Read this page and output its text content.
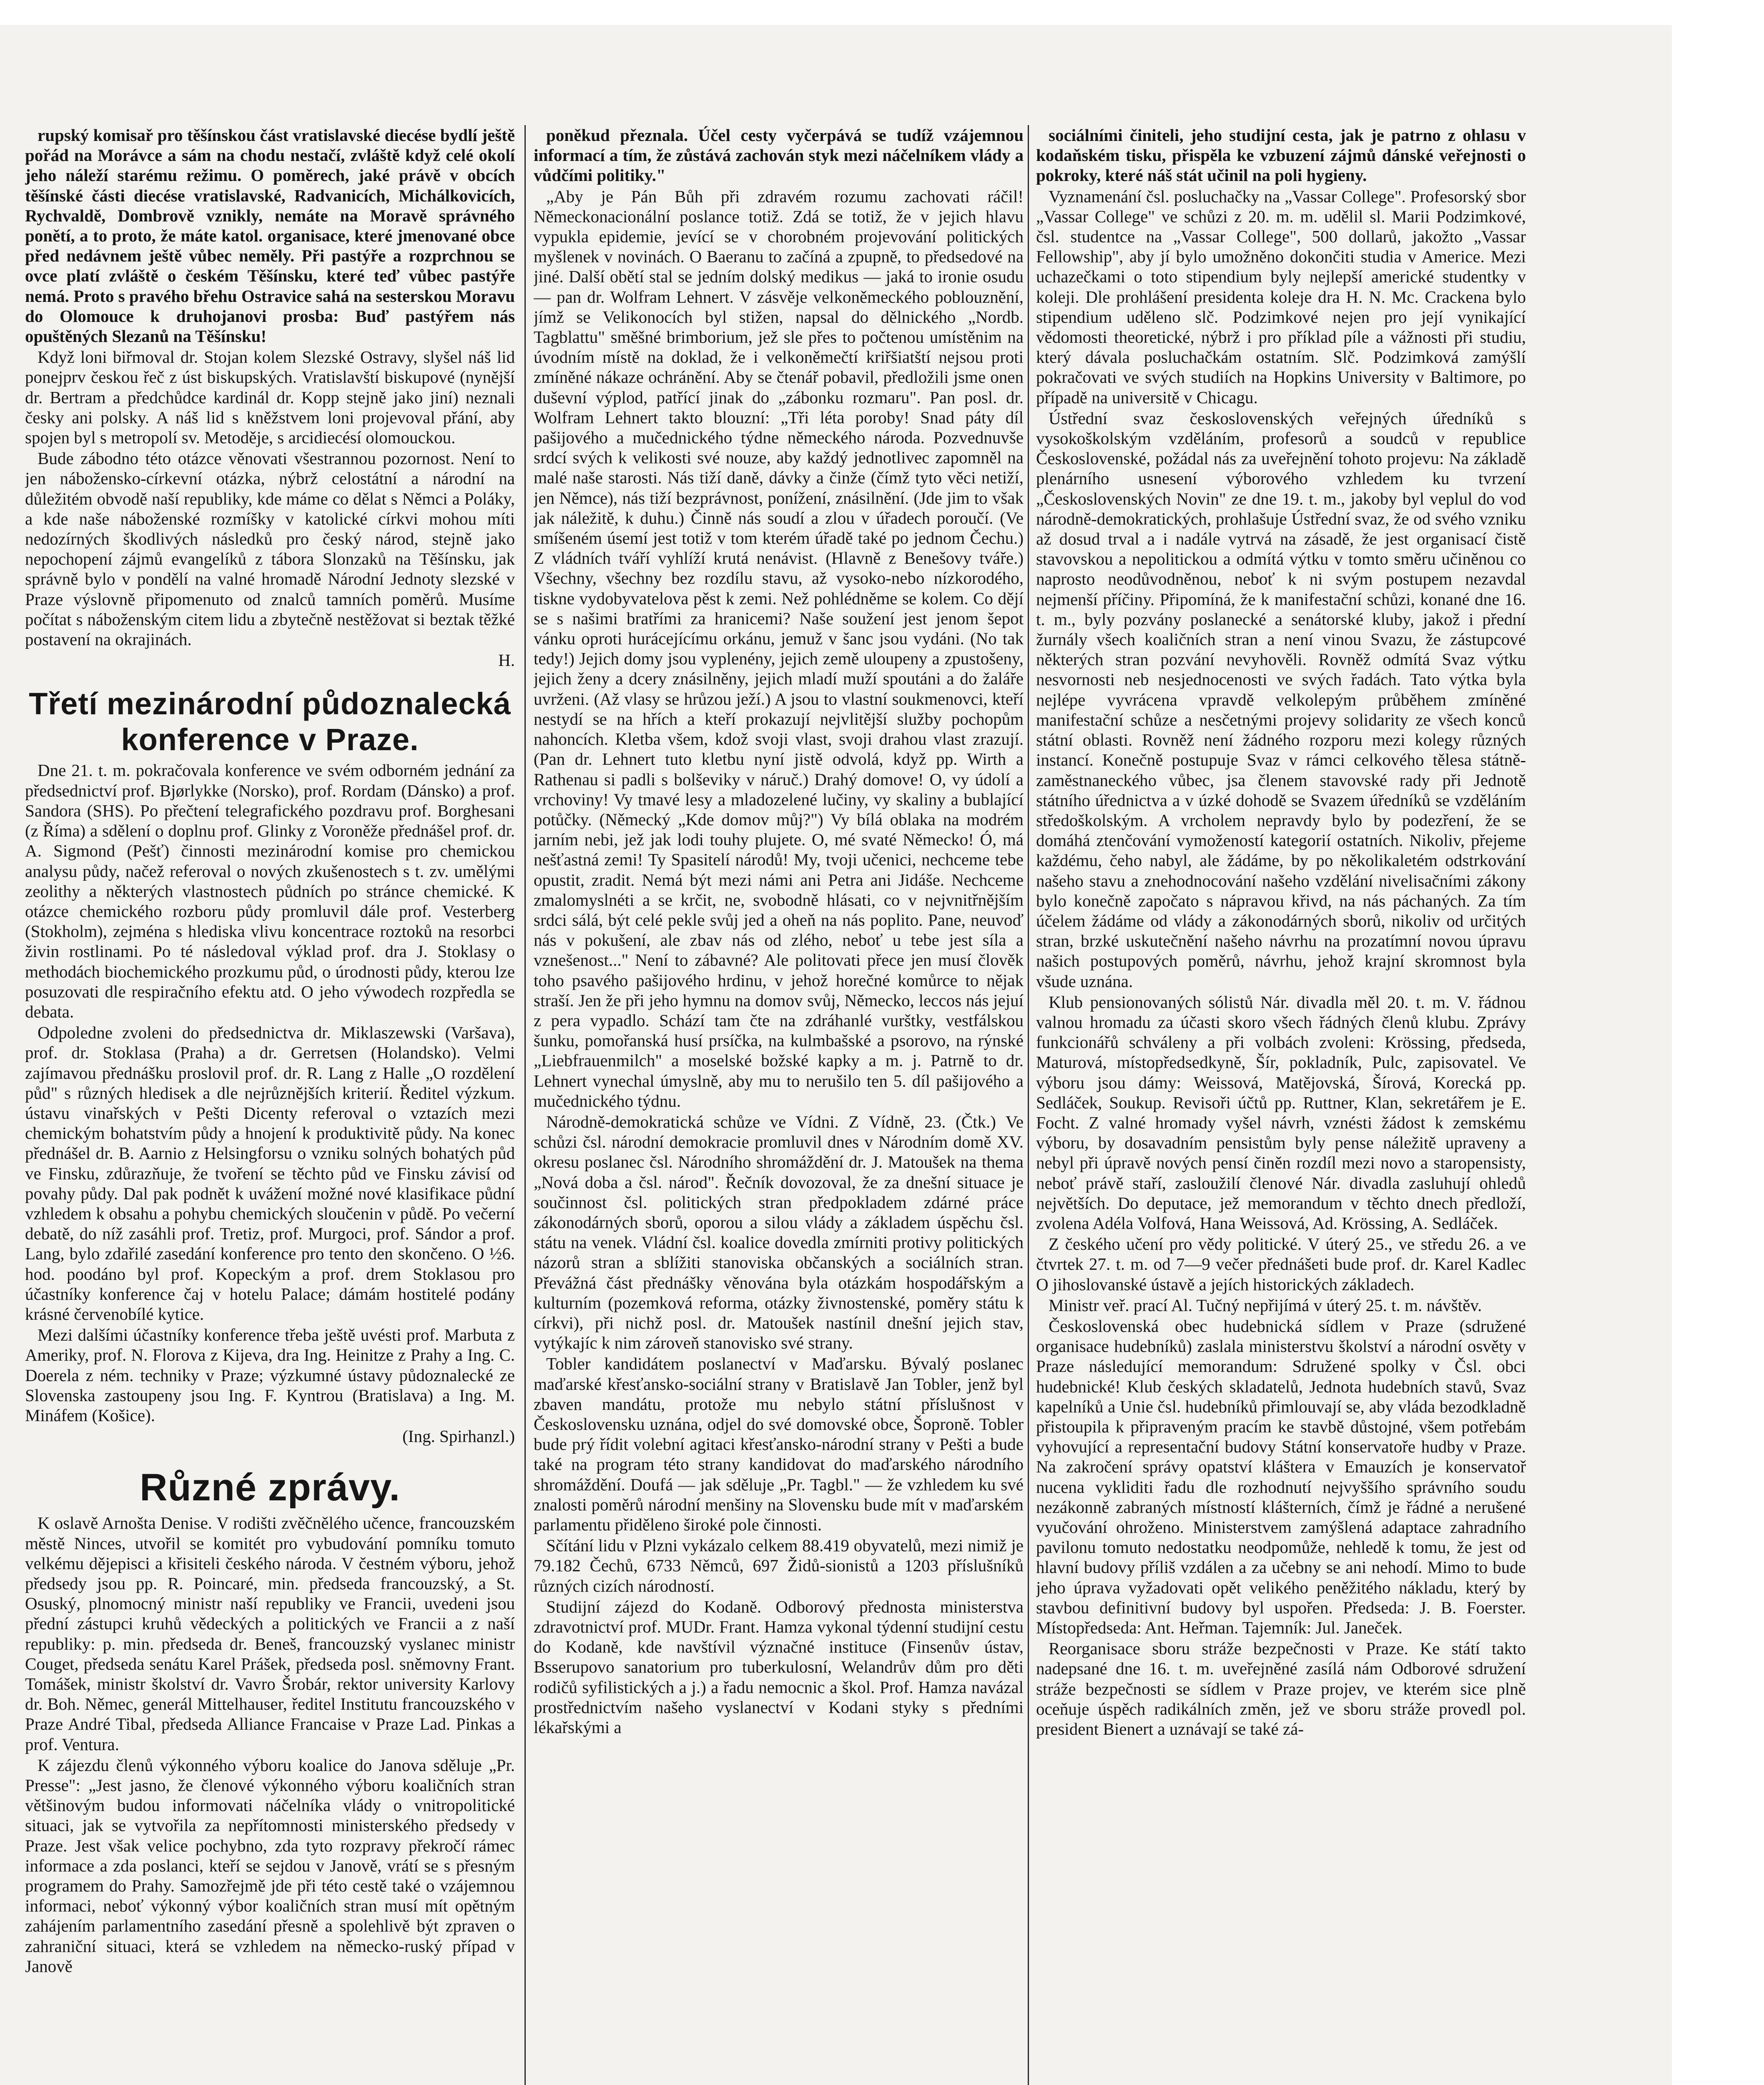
rupský komisař pro těšínskou část vratislavské diecése bydlí ještě pořád na Morávce a sám na chodu nestačí, zvláště když celé okolí jeho náleží starému režimu. O poměrech, jaké právě v obcích těšínské části diecése vratislavské, Radvanicích, Michálkovicích, Rychvaldě, Dombrově vznikly, nemáte na Moravě správného ponětí, a to proto, že máte katol. organisace, které jmenované obce před nedávnem ještě vůbec neměly. Při pastýře a rozprchnou se ovce platí zvláště o českém Těšínsku, které teď vůbec pastýře nemá. Proto s pravého břehu Ostravice sahá na sesterskou Moravu do Olomouce k druhojanovi prosba: Buď pastýřem nás opuštěných Slezanů na Těšínsku!

Když loni biřmoval dr. Stojan kolem Slezské Ostravy, slyšel náš lid ponejprv českou řeč z úst biskupských. Vratislavští biskupové (nynější dr. Bertram a předchůdce kardinál dr. Kopp stejně jako jiní) neznali česky ani polsky. A náš lid s kněžstvem loni projevoval přání, aby spojen byl s metropolí sv. Metoděje, s arcidiecésí olomouckou.

Bude zábodno této otázce věnovati všestrannou pozornost. Není to jen nábožensko-církevní otázka, nýbrž celostátní a národní na důležitém obvodě naší republiky, kde máme co dělat s Němci a Poláky, a kde naše náboženské rozmíšky v katolické církvi mohou míti nedozírných škodlivých následků pro český národ, stejně jako nepochopení zájmů evangelíků z tábora Slonzaků na Těšínsku, jak správně bylo v pondělí na valné hromadě Národní Jednoty slezské v Praze výslovně připomenuto od znalců tamních poměrů. Musíme počítat s náboženským citem lidu a zbytečně nestěžovat si beztak těžké postavení na okrajinách.

H.

Třetí mezinárodní půdoznalecká konference v Praze.

Dne 21. t. m. pokračovala konference ve svém odborném jednání za předsednictví prof. Bjørlykke (Norsko), prof. Rordam (Dánsko) a prof. Sandora (SHS). Po přečtení telegrafického pozdravu prof. Borghesani (z Říma) a sdělení o doplnu prof. Glinky z Voroněže přednášel prof. dr. A. Sigmond (Pešť) činnosti mezinárodní komise pro chemickou analysu půdy, načež referoval o nových zkušenostech s t. zv. umělými zeolithy a některých vlastnostech půdních po stránce chemické. K otázce chemického rozboru půdy promluvil dále prof. Vesterberg (Stokholm), zejména s hlediska vlivu koncentrace roztoků na resorbci živin rostlinami. Po té následoval výklad prof. dra J. Stoklasy o methodách biochemického prozkumu půd, o úrodnosti půdy, kterou lze posuzovati dle respiračního efektu atd. O jeho výwodech rozpředla se debata.

Odpoledne zvoleni do předsednictva dr. Miklaszewski (Varšava), prof. dr. Stoklasa (Praha) a dr. Gerretsen (Holandsko). Velmi zajímavou přednášku proslovil prof. dr. R. Lang z Halle „O rozdělení půd" s různých hledisek a dle nejrůznějších kriterií. Ředitel výzkum. ústavu vinařských v Pešti Dicenty referoval o vztazích mezi chemickým bohatstvím půdy a hnojení k produktivitě půdy. Na konec přednášel dr. B. Aarnio z Helsingforsu o vzniku solných bohatých půd ve Finsku, zdůrazňuje, že tvoření se těchto půd ve Finsku závisí od povahy půdy. Dal pak podnět k uvážení možné nové klasifikace půdní vzhledem k obsahu a pohybu chemických sloučenin v půdě. Po večerní debatě, do níž zasáhli prof. Tretiz, prof. Murgoci, prof. Sándor a prof. Lang, bylo zdařilé zasedání konference pro tento den skončeno. O ½6. hod. poodáno byl prof. Kopeckým a prof. drem Stoklasou pro účastníky konference čaj v hotelu Palace; dámám hostitelé podány krásné červenobílé kytice.

Mezi dalšími účastníky konference třeba ještě uvésti prof. Marbuta z Ameriky, prof. N. Florova z Kijeva, dra Ing. Heinitze z Prahy a Ing. C. Doerela z ném. techniky v Praze; výzkumné ústavy půdoznalecké ze Slovenska zastoupeny jsou Ing. F. Kyntrou (Bratislava) a Ing. M. Mináfem (Košice).

(Ing. Spirhanzl.)

Různé zprávy.

K oslavě Arnošta Denise. V rodišti zvěčnělého učence, francouzském městě Ninces, utvořil se komitét pro vybudování pomníku tomuto velkému dějepisci a křisiteli českého národa. V čestném výboru, jehož předsedy jsou pp. R. Poincaré, min. předseda francouzský, a St. Osuský, plnomocný ministr naší republiky ve Francii, uvedeni jsou přední zástupci kruhů vědeckých a politických ve Francii a z naší republiky: p. min. předseda dr. Beneš, francouzský vyslanec ministr Couget, předseda senátu Karel Prášek, předseda posl. sněmovny Frant. Tomášek, ministr školství dr. Vavro Šrobár, rektor university Karlovy dr. Boh. Němec, generál Mittelhauser, ředitel Institutu francouzského v Praze André Tibal, předseda Alliance Francaise v Praze Lad. Pinkas a prof. Ventura.

K zájezdu členů výkonného výboru koalice do Janova sděluje „Pr. Presse": „Jest jasno, že členové výkonného výboru koaličních stran většinovým budou informovati náčelníka vlády o vnitropolitické situaci, jak se vytvořila za nepřítomnosti ministerského předsedy v Praze. Jest však velice pochybno, zda tyto rozpravy překročí rámec informace a zda poslanci, kteří se sejdou v Janově, vrátí se s přesným programem do Prahy. Samozřejmě jde při této cestě také o vzájemnou informaci, neboť výkonný výbor koaličních stran musí mít opětným zahájením parlamentního zasedání přesně a spolehlivě být zpraven o zahraniční situaci, která se vzhledem na německo-ruský případ v Janově

poněkud přeznala. Účel cesty vyčerpává se tudíž vzájemnou informací a tím, že zůstává zachován styk mezi náčelníkem vlády a vůdčími politiky."

„Aby je Pán Bůh při zdravém rozumu zachovati ráčil! Německonacionální poslance totiž. Zdá se totiž, že v jejich hlavu vypukla epidemie, jevící se v chorobném projevování politických myšlenek v novinách. O Baeranu to začíná a zpupně, to předsedové na jiné. Další obětí stal se jedním dolský medikus — jaká to ironie osudu — pan dr. Wolfram Lehnert. V zásvěje velkoněmeckého poblouznění, jímž se Velikonocích byl stižen, napsal do dělnického „Nordb. Tagblattu" směšné brimborium, jež sle přes to počtenou umístěnim na úvodním místě na doklad, že i velkoněmečtí kriřšiatští nejsou proti zmíněné nákaze ochránění. Aby se čtenář pobavil, předložili jsme onen duševní výplod, patřící jinak do „zábonku rozmaru". Pan posl. dr. Wolfram Lehnert takto blouzní: „Tři léta poroby! Snad páty díl pašijového a mučednického týdne německého národa. Pozvednuvše srdcí svých k velikosti své nouze, aby každý jednotlivec zapomněl na malé naše starosti. Nás tiží daně, dávky a činže (čímž tyto věci netiží, jen Němce), nás tiží bezprávnost, ponížení, znásilnění. (Jde jim to však jak náležitě, k duhu.) Činně nás soudí a zlou v úřadech poroučí. (Ve smíšeném úsemí jest totiž v tom kterém úřadě také po jednom Čechu.) Z vládních tváří vyhlíží krutá nenávist. (Hlavně z Benešovy tváře.) Všechny, všechny bez rozdílu stavu, až vysoko-nebo nízkorodého, tiskne vydobyvatelova pěst k zemi. Než pohlédněme se kolem. Co dějí se s našimi bratřími za hranicemi? Naše soužení jest jenom šepot vánku oproti hurácejícímu orkánu, jemuž v šanc jsou vydáni. (No tak tedy!) Jejich domy jsou vyplenény, jejich země uloupeny a zpustošeny, jejich ženy a dcery znásilněny, jejich mladí muží spoutáni a do žaláře uvrženi. (Až vlasy se hrůzou ježí.) A jsou to vlastní soukmenovci, kteří nestydí se na hřích a kteří prokazují nejvlitější služby pochopům nahoncích. Kletba všem, kdož svoji vlast, svoji drahou vlast zrazují. (Pan dr. Lehnert tuto kletbu nyní jistě odvolá, když pp. Wirth a Rathenau si padli s bolševiky v náruč.) Drahý domove! O, vy údolí a vrchoviny! Vy tmavé lesy a mladozelené lučiny, vy skaliny a bublající potůčky. (Německý „Kde domov můj?") Vy bílá oblaka na modrém jarním nebi, jež jak lodi touhy plujete. O, mé svaté Německo! Ó, má nešťastná zemi! Ty Spasitelí národů! My, tvoji učenici, nechceme tebe opustit, zradit. Nemá být mezi námi ani Petra ani Jidáše. Nechceme zmalomyslnéti a se krčit, ne, svobodně hlásati, co v nejvnitřnějším srdci sálá, být celé pekle svůj jed a oheň na nás poplito. Pane, neuvoď nás v pokušení, ale zbav nás od zlého, neboť u tebe jest síla a vznešenost..." Není to zábavné? Ale politovati přece jen musí člověk toho psavého pašijového hrdinu, v jehož horečné komůrce to nějak straší. Jen že při jeho hymnu na domov svůj, Německo, leccos nás jejuí z pera vypadlo. Schází tam čte na zdráhanlé vurštky, vestfálskou šunku, pomořanská husí prsíčka, na kulmbašské a psorovo, na rýnské „Liebfrauenmilch" a moselské božské kapky a m. j. Patrně to dr. Lehnert vynechal úmyslně, aby mu to nerušilo ten 5. díl pašijového a mučednického týdnu.

Národně-demokratická schůze ve Vídni. Z Vídně, 23. (Čtk.) Ve schůzi čsl. národní demokracie promluvil dnes v Národním domě XV. okresu poslanec čsl. Národního shromáždění dr. J. Matoušek na thema „Nová doba a čsl. národ". Řečník dovozoval, že za dnešní situace je součinnost čsl. politických stran předpokladem zdárné práce zákonodárných sborů, oporou a silou vlády a základem úspěchu čsl. státu na venek. Vládní čsl. koalice dovedla zmírniti protivy politických názorů stran a sblížiti stanoviska občanských a sociálních stran. Převážná část přednášky věnována byla otázkám hospodářským a kulturním (pozemková reforma, otázky živnostenské, poměry státu k církvi), při nichž posl. dr. Matoušek nastínil dnešní jejich stav, vytýkajíc k nim zároveň stanovisko své strany.

Tobler kandidátem poslanectví v Maďarsku. Bývalý poslanec maďarské křesťansko-sociální strany v Bratislavě Jan Tobler, jenž byl zbaven mandátu, protože mu nebylo státní příslušnost v Československu uznána, odjel do své domovské obce, Šopronĕ. Tobler bude prý řídit volební agitaci křesťansko-národní strany v Pešti a bude také na program této strany kandidovat do maďarského národního shromáždění. Doufá — jak sděluje „Pr. Tagbl." — že vzhledem ku své znalosti poměrů národní menšiny na Slovensku bude mít v maďarském parlamentu přiděleno široké pole činnosti.

Sčítání lidu v Plzni vykázalo celkem 88.419 obyvatelů, mezi nimiž je 79.182 Čechů, 6733 Němců, 697 Židů-sionistů a 1203 příslušníků různých cizích národností.

Studijní zájezd do Kodaně. Odborový přednosta ministerstva zdravotnictví prof. MUDr. Frant. Hamza vykonal týdenní studijní cestu do Kodaně, kde navštívil význačné instituce (Finsenův ústav, Bsserupovo sanatorium pro tuberkulosní, Welandrův dům pro děti rodičů syfilistických a j.) a řadu nemocnic a škol. Prof. Hamza navázal prostřednictvím našeho vyslanectví v Kodani styky s předními lékařskými a

sociálními činiteli, jeho studijní cesta, jak je patrno z ohlasu v kodaňském tisku, přispěla ke vzbuzení zájmů dánské veřejnosti o pokroky, které náš stát učinil na poli hygieny.

Vyznamenání čsl. posluchačky na „Vassar College". Profesorský sbor „Vassar College" ve schůzi z 20. m. m. udělil sl. Marii Podzimkové, čsl. studentce na „Vassar College", 500 dollarů, jakožto „Vassar Fellowship", aby jí bylo umožněno dokončiti studia v Americe. Mezi uchazečkami o toto stipendium byly nejlepší americké studentky v koleji. Dle prohlášení presidenta koleje dra H. N. Mc. Crackena bylo stipendium uděleno slč. Podzimkové nejen pro její vynikající vědomosti theoretické, nýbrž i pro příklad píle a vážnosti při studiu, který dávala posluchačkám ostatním. Slč. Podzimková zamýšlí pokračovati ve svých studiích na Hopkins University v Baltimore, po případě na universitě v Chicagu.

Ústřední svaz československých veřejných úředníků s vysokoškolským vzděláním, profesorů a soudců v republice Československé, požádal nás za uveřejnění tohoto projevu: Na základě plenárního usnesení výborového vzhledem ku tvrzení „Československých Novin" ze dne 19. t. m., jakoby byl veplul do vod národně-demokratických, prohlašuje Ústřední svaz, že od svého vzniku až dosud trval a i nadále vytrvá na zásadě, že jest organisací čistě stavovskou a nepolitickou a odmítá výtku v tomto směru učiněnou co naprosto neodůvodněnou, neboť k ni svým postupem nezavdal nejmenší příčiny. Připomíná, že k manifestační schůzi, konané dne 16. t. m., byly pozvány poslanecké a senátorské kluby, jakož i přední žurnály všech koaličních stran a není vinou Svazu, že zástupcové některých stran pozvání nevyhověli. Rovněž odmítá Svaz výtku nesvornosti neb nesjednocenosti ve svých řadách. Tato výtka byla nejlépe vyvrácena vpravdě velkolepým průběhem zmíněné manifestační schůze a nesčetnými projevy solidarity ze všech konců státní oblasti. Rovněž není žádného rozporu mezi kolegy různých instancí. Konečně postupuje Svaz v rámci celkového tělesa státně-zaměstnaneckého vůbec, jsa členem stavovské rady při Jednotě státního úřednictva a v úzké dohodě se Svazem úředníků se vzděláním středoškolským. A vrcholem nepravdy bylo by podezření, že se domáhá ztenčování vymožeností kategorií ostatních. Nikoliv, přejeme každému, čeho nabyl, ale žádáme, by po několikaletém odstrkování našeho stavu a znehodnocování našeho vzdělání nivelisačními zákony bylo konečně započato s nápravou křivd, na nás páchaných. Za tím účelem žádáme od vlády a zákonodárných sborů, nikoliv od určitých stran, brzké uskutečnění našeho návrhu na prozatímní novou úpravu našich postupových poměrů, návrhu, jehož krajní skromnost byla všude uznána.

Klub pensionovaných sólistů Nár. divadla měl 20. t. m. V. řádnou valnou hromadu za účasti skoro všech řádných členů klubu. Zprávy funkcionářů schváleny a při volbách zvoleni: Krössing, předseda, Maturová, místopředsedkyně, Šír, pokladník, Pulc, zapisovatel. Ve výboru jsou dámy: Weissová, Matějovská, Šírová, Korecká pp. Sedláček, Soukup. Revisoři účtů pp. Ruttner, Klan, sekretářem je E. Focht. Z valné hromady vyšel návrh, vznésti žádost k zemskému výboru, by dosavadním pensistům byly pense náležitě upraveny a nebyl při úpravě nových pensí činěn rozdíl mezi novo a staropensisty, neboť právě staří, zasloužilí členové Nár. divadla zasluhují ohledů největších. Do deputace, jež memorandum v těchto dnech předloží, zvolena Adéla Volfová, Hana Weissová, Ad. Krössing, A. Sedláček.

Z českého učení pro vědy politické. V úterý 25., ve středu 26. a ve čtvrtek 27. t. m. od 7—9 večer přednášeti bude prof. dr. Karel Kadlec O jihoslovanské ústavě a jejích historických základech.

Ministr veř. prací Al. Tučný nepřijímá v úterý 25. t. m. návštěv.

Československá obec hudebnická sídlem v Praze (sdružené organisace hudebníků) zaslala ministerstvu školství a národní osvěty v Praze následující memorandum: Sdružené spolky v Čsl. obci hudebnické! Klub českých skladatelů, Jednota hudebních stavů, Svaz kapelníků a Unie čsl. hudebníků přimlouvají se, aby vláda bezodkladně přistoupila k připraveným pracím ke stavbě důstojné, všem potřebám vyhovující a representační budovy Státní konservatoře hudby v Praze. Na zakročení správy opatství kláštera v Emauzích je konservatoř nucena vykliditi řadu dle rozhodnutí nejvyššího správního soudu nezákonně zabraných místností klášterních, čímž je řádné a nerušené vyučování ohroženo. Ministerstvem zamýšlená adaptace zahradního pavilonu tomuto nedostatku neodpomůže, nehledě k tomu, že jest od hlavní budovy příliš vzdálen a za učebny se ani nehodí. Mimo to bude jeho úprava vyžadovati opět velikého peněžitého nákladu, který by stavbou definitivní budovy byl uspořen. Předseda: J. B. Foerster. Místopředseda: Ant. Heřman. Tajemník: Jul. Janeček.

Reorganisace sboru stráže bezpečnosti v Praze. Ke státí takto nadepsané dne 16. t. m. uveřejněné zasílá nám Odborové sdružení stráže bezpečnosti se sídlem v Praze projev, ve kterém sice plně oceňuje úspěch radikálních změn, jež ve sboru stráže provedl pol. president Bienert a uznávají se také zá-
